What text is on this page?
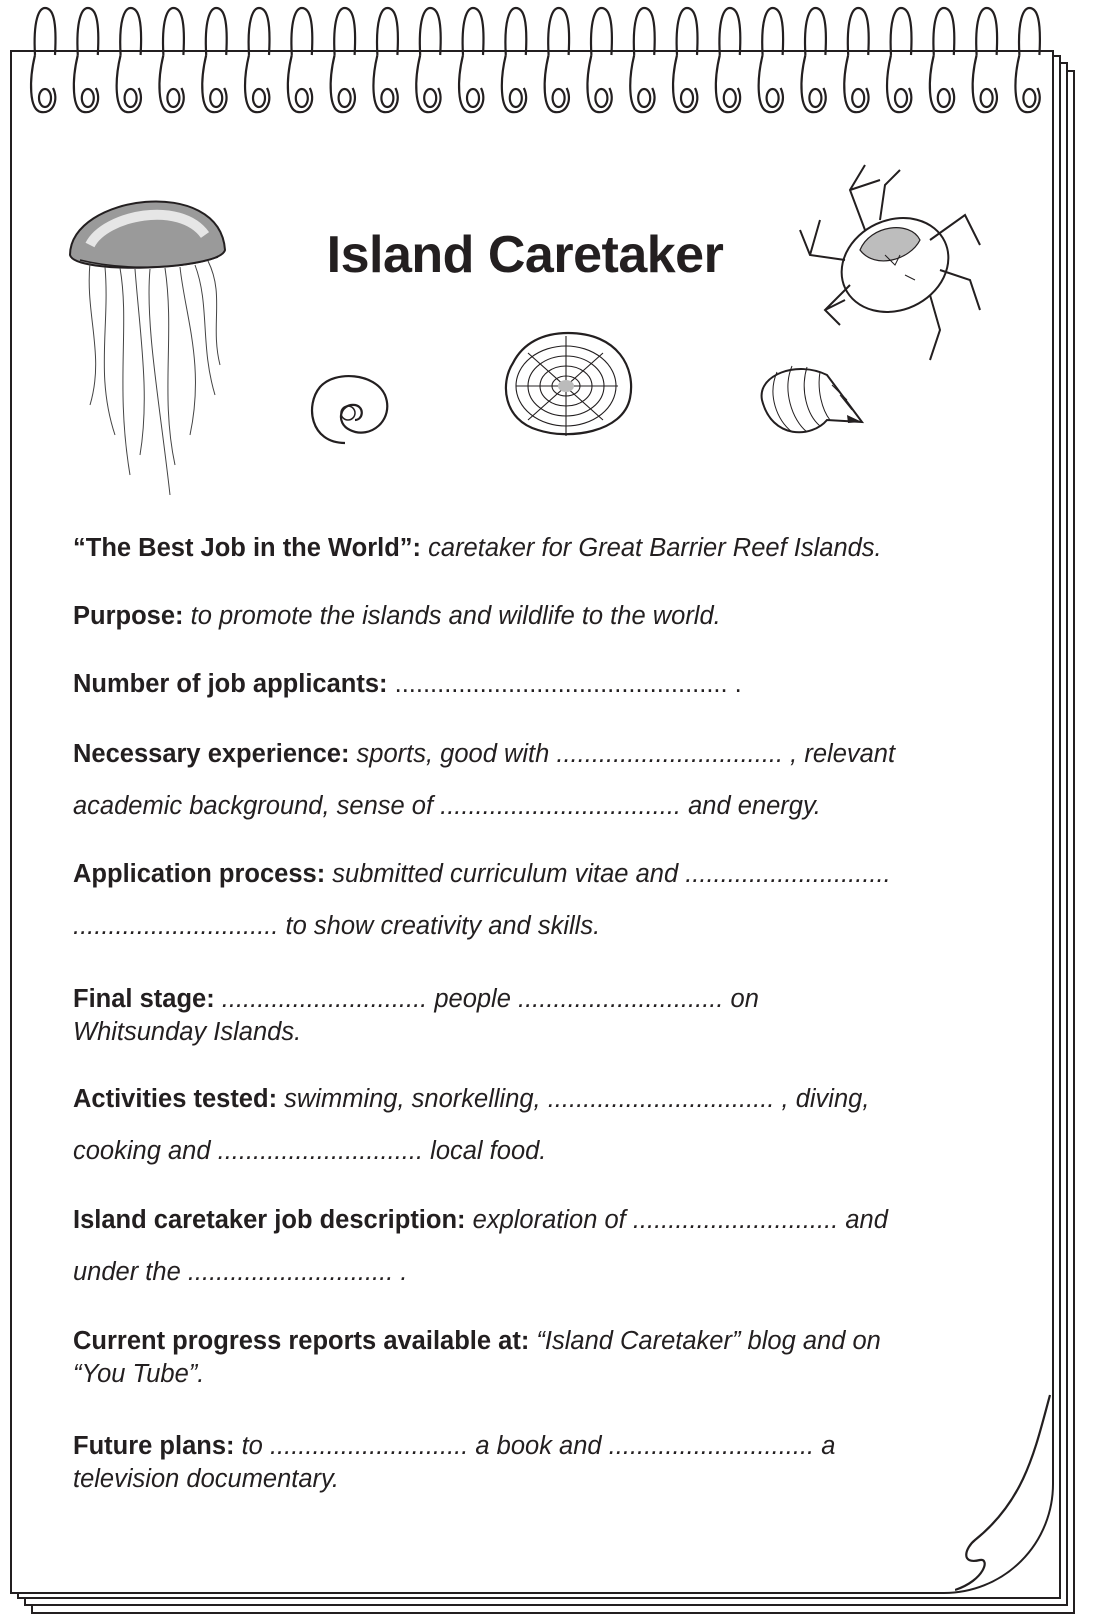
Island Caretaker

“The Best Job in the World”: caretaker for Great Barrier Reef Islands.

Purpose: to promote the islands and wildlife to the world.

Number of job applicants: ............................................... .

Necessary experience: sports, good with ................................ , relevant

academic background, sense of .................................. and energy.

Application process: submitted curriculum vitae and .............................

............................. to show creativity and skills.

Final stage: ............................. people ............................. on

Whitsunday Islands.

Activities tested: swimming, snorkelling, ................................ , diving,

cooking and ............................. local food.

Island caretaker job description: exploration of ............................. and

under the ............................. .

Current progress reports available at: “Island Caretaker” blog and on

“You Tube”.

Future plans: to ............................ a book and ............................. a

television documentary.
